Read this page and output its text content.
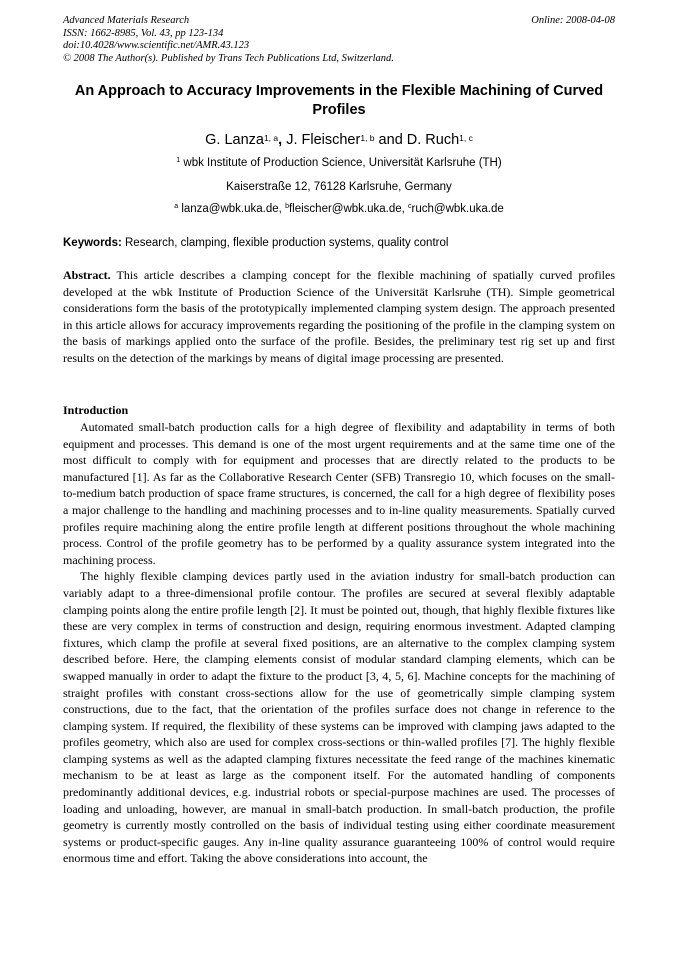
Advanced Materials Research	Online: 2008-04-08
ISSN: 1662-8985, Vol. 43, pp 123-134
doi:10.4028/www.scientific.net/AMR.43.123
© 2008 The Author(s). Published by Trans Tech Publications Ltd, Switzerland.
An Approach to Accuracy Improvements in the Flexible Machining of Curved Profiles
G. Lanza$^{1, a}$, J. Fleischer$^{1, b}$ and D. Ruch$^{1, c}$
$^1$ wbk Institute of Production Science, Universität Karlsruhe (TH)
Kaiserstraße 12, 76128 Karlsruhe, Germany
$^a$ lanza@wbk.uka.de, $^b$fleischer@wbk.uka.de, $^c$ruch@wbk.uka.de
Keywords: Research, clamping, flexible production systems, quality control
Abstract. This article describes a clamping concept for the flexible machining of spatially curved profiles developed at the wbk Institute of Production Science of the Universität Karlsruhe (TH). Simple geometrical considerations form the basis of the prototypically implemented clamping system design. The approach presented in this article allows for accuracy improvements regarding the positioning of the profile in the clamping system on the basis of markings applied onto the surface of the profile. Besides, the preliminary test rig set up and first results on the detection of the markings by means of digital image processing are presented.
Introduction

Automated small-batch production calls for a high degree of flexibility and adaptability in terms of both equipment and processes. This demand is one of the most urgent requirements and at the same time one of the most difficult to comply with for equipment and processes that are directly related to the products to be manufactured [1]. As far as the Collaborative Research Center (SFB) Transregio 10, which focuses on the small-to-medium batch production of space frame structures, is concerned, the call for a high degree of flexibility poses a major challenge to the handling and machining processes and to in-line quality measurements. Spatially curved profiles require machining along the entire profile length at different positions throughout the whole machining process. Control of the profile geometry has to be performed by a quality assurance system integrated into the machining process.

The highly flexible clamping devices partly used in the aviation industry for small-batch production can variably adapt to a three-dimensional profile contour. The profiles are secured at several flexibly adaptable clamping points along the entire profile length [2]. It must be pointed out, though, that highly flexible fixtures like these are very complex in terms of construction and design, requiring enormous investment. Adapted clamping fixtures, which clamp the profile at several fixed positions, are an alternative to the complex clamping system described before. Here, the clamping elements consist of modular standard clamping elements, which can be swapped manually in order to adapt the fixture to the product [3, 4, 5, 6]. Machine concepts for the machining of straight profiles with constant cross-sections allow for the use of geometrically simple clamping system constructions, due to the fact, that the orientation of the profiles surface does not change in reference to the clamping system. If required, the flexibility of these systems can be improved with clamping jaws adapted to the profiles geometry, which also are used for complex cross-sections or thin-walled profiles [7]. The highly flexible clamping systems as well as the adapted clamping fixtures necessitate the feed range of the machines kinematic mechanism to be at least as large as the component itself. For the automated handling of components predominantly additional devices, e.g. industrial robots or special-purpose machines are used. The processes of loading and unloading, however, are manual in small-batch production. In small-batch production, the profile geometry is currently mostly controlled on the basis of individual testing using either coordinate measurement systems or product-specific gauges. Any in-line quality assurance guaranteeing 100% of control would require enormous time and effort. Taking the above considerations into account, the
